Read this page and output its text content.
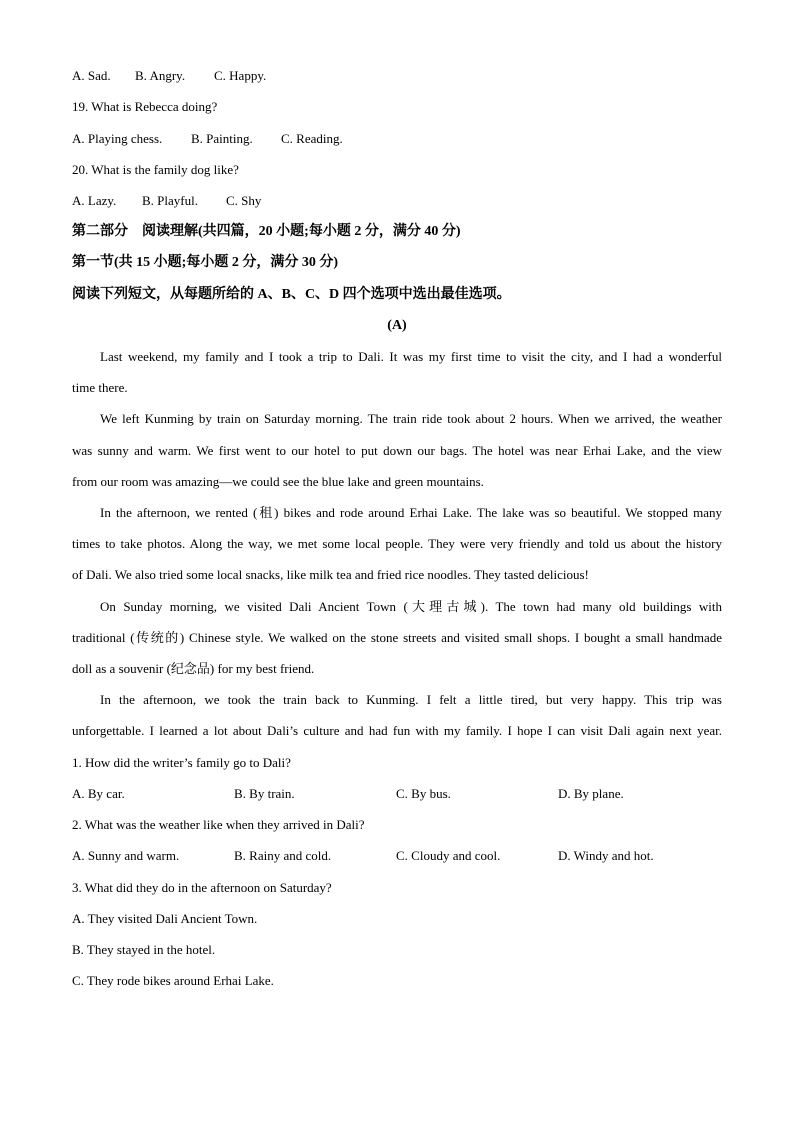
A. Sad. B. Angry. C. Happy.
19. What is Rebecca doing?
A. Playing chess. B. Painting. C. Reading.
20. What is the family dog like?
A. Lazy. B. Playful. C. Shy
第二部分　阅读理解(共四篇，20 小题;每小题 2 分，满分 40 分)
第一节(共 15 小题;每小题 2 分，满分 30 分)
阅读下列短文，从每题所给的 A、B、C、D 四个选项中选出最佳选项。
(A)
Last weekend, my family and I took a trip to Dali. It was my first time to visit the city, and I had a wonderful
time there.
We left Kunming by train on Saturday morning. The train ride took about 2 hours. When we arrived, the weather
was sunny and warm. We first went to our hotel to put down our bags. The hotel was near Erhai Lake, and the view
from our room was amazing—we could see the blue lake and green mountains.
In the afternoon, we rented (租) bikes and rode around Erhai Lake. The lake was so beautiful. We stopped many
times to take photos. Along the way, we met some local people. They were very friendly and told us about the history
of Dali. We also tried some local snacks, like milk tea and fried rice noodles. They tasted delicious!
On Sunday morning, we visited Dali Ancient Town (大理古城). The town had many old buildings with
traditional (传统的) Chinese style. We walked on the stone streets and visited small shops. I bought a small handmade
doll as a souvenir (纪念品) for my best friend.
In the afternoon, we took the train back to Kunming. I felt a little tired, but very happy. This trip was
unforgettable. I learned a lot about Dali’s culture and had fun with my family. I hope I can visit Dali again next year.
1. How did the writer’s family go to Dali?
A. By car.	B. By train.	C. By bus.	D. By plane.
2. What was the weather like when they arrived in Dali?
A. Sunny and warm.	B. Rainy and cold.	C. Cloudy and cool.	D. Windy and hot.
3. What did they do in the afternoon on Saturday?
A. They visited Dali Ancient Town.
B. They stayed in the hotel.
C. They rode bikes around Erhai Lake.
